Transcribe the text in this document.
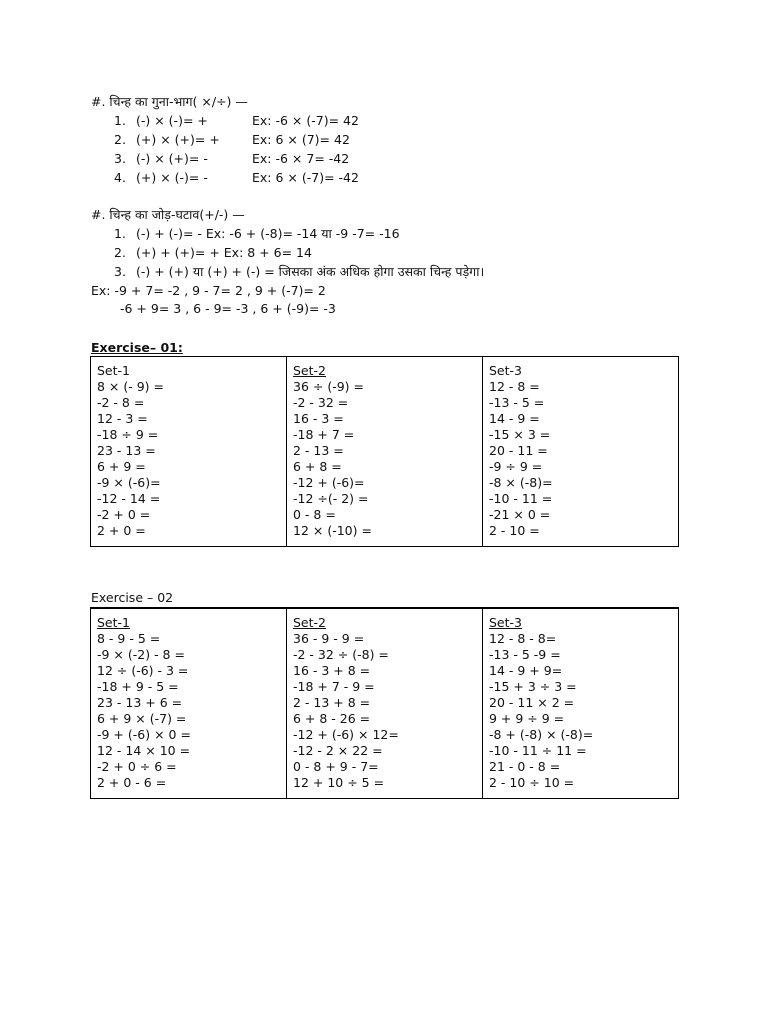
#. चिन्ह का गुना-भाग( ×/÷) —
1. (-) × (-)= +	Ex: -6 × (-7)= 42
2. (+) × (+)= +	Ex: 6 × (7)= 42
3. (-) × (+)= -	Ex: -6 × 7= -42
4. (+) × (-)= -	Ex: 6 × (-7)= -42
#. चिन्ह का जोड़-घटाव(+/-) —
1. (-) + (-)= - Ex: -6 + (-8)= -14 या -9 -7= -16
2. (+) + (+)= + Ex: 8 + 6= 14
3. (-) + (+) या (+) + (-) = जिसका अंक अधिक होगा उसका चिन्ह पड़ेगा।
Ex: -9 + 7= -2 , 9 - 7= 2 , 9 + (-7)= 2
-6 + 9= 3 , 6 - 9= -3 , 6 + (-9)= -3
Exercise– 01:
Set-1
8 × (- 9) =
-2 - 8 =
12 - 3 =
-18 ÷ 9 =
23 - 13 =
6 + 9 =
-9 × (-6)=
-12 - 14 =
-2 + 0 =
2 + 0 =

Set-2
36 ÷ (-9) =
-2 - 32 =
16 - 3 =
-18 + 7 =
2 - 13 =
6 + 8 =
-12 + (-6)=
-12 ÷(- 2) =
0 - 8 =
12 × (-10) =

Set-3
12 - 8 =
-13 - 5 =
14 - 9 =
-15 × 3 =
20 - 11 =
-9 ÷ 9 =
-8 × (-8)=
-10 - 11 =
-21 × 0 =
2 - 10 =
Exercise – 02
Set-1
8 - 9 - 5 =
-9 × (-2) - 8 =
12 ÷ (-6) - 3 =
-18 + 9 - 5 =
23 - 13 + 6 =
6 + 9 × (-7) =
-9 + (-6) × 0 =
12 - 14 × 10 =
-2 + 0 ÷ 6 =
2 + 0 - 6 =

Set-2
36 - 9 - 9 =
-2 - 32 ÷ (-8) =
16 - 3 + 8 =
-18 + 7 - 9 =
2 - 13 + 8 =
6 + 8 - 26 =
-12 + (-6) × 12=
-12 - 2 × 22 =
0 - 8 + 9 - 7=
12 + 10 ÷ 5 =

Set-3
12 - 8 - 8=
-13 - 5 -9 =
14 - 9 + 9=
-15 + 3 ÷ 3 =
20 - 11 × 2 =
9 + 9 ÷ 9 =
-8 + (-8) × (-8)=
-10 - 11 ÷ 11 =
21 - 0 - 8 =
2 - 10 ÷ 10 =
